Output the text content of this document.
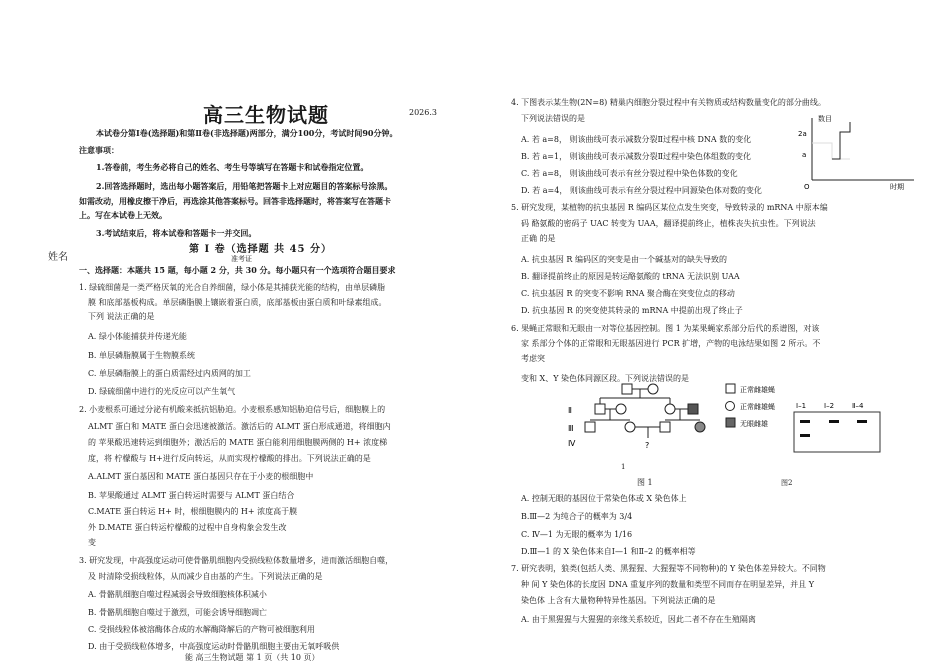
高三生物试题	2026.3
本试卷分第Ⅰ卷(选择题)和第Ⅱ卷(非选择题)两部分，满分100分，考试时间90分钟。
注意事项：
1.答卷前，考生务必将自己的姓名、考生号等填写在答题卡和试卷指定位置。
2.回答选择题时，选出每小题答案后，用铅笔把答题卡上对应题目的答案标号涂黑。
如需改动，用橡皮擦干净后，再选涂其他答案标号。回答非选择题时，将答案写在答题卡
上。写在本试卷上无效。
3.考试结束后，将本试卷和答题卡一并交回。
第 Ⅰ 卷（选择题 共 45 分）
姓名	准考证
一、选择题：本题共 15 题，每小题 2 分，共 30 分。每小题只有一个选项符合题目要求
1. 绿硫细菌是一类严格厌氧的光合自养细菌，绿小体是其捕获光能的结构，由单层磷脂
膜 和底部基板构成。单层磷脂膜上镶嵌着蛋白质，底部基板由蛋白质和叶绿素组成。
下列 说法正确的是
A. 绿小体能捕获并传递光能
B. 单层磷脂膜属于生物膜系统
C. 单层磷脂膜上的蛋白质需经过内质网的加工
D. 绿硫细菌中进行的光反应可以产生氧气
2. 小麦根系可通过分泌有机酸来抵抗铝胁迫。小麦根系感知铝胁迫信号后，细胞膜上的
ALMT 蛋白和 MATE 蛋白会迅速被激活。激活后的 ALMT 蛋白形成通道，将细胞内
的 苹果酸迅速转运到细胞外；激活后的 MATE 蛋白能利用细胞膜两侧的 H+ 浓度梯
度，将 柠檬酸与 H+进行反向转运，从而实现柠檬酸的排出。下列说法正确的是
A.ALMT 蛋白基因和 MATE 蛋白基因只存在于小麦的根细胞中
B. 苹果酸通过 ALMT 蛋白转运时需要与 ALMT 蛋白结合
C.MATE 蛋白转运 H+ 时，根细胞膜内的 H+ 浓度高于膜
外 D.MATE 蛋白转运柠檬酸的过程中自身构象会发生改
变
3. 研究发现，中高强度运动可使骨骼肌细胞内受损线粒体数量增多，进而激活细胞自噬，
及 时清除受损线粒体，从而减少自由基的产生。下列说法正确的是
A. 骨骼肌细胞自噬过程减弱会导致细胞核体积减小
B. 骨骼肌细胞自噬过于激烈，可能会诱导细胞凋亡
C. 受损线粒体被溶酶体合成的水解酶降解后的产物可被细胞利用
D. 由于受损线粒体增多，中高强度运动时骨骼肌细胞主要由无氧呼吸供
能 高三生物试题 第 1 页（共 10 页）
4. 下图表示某生物(2N=8) 精巢内细胞分裂过程中有关物质或结构数量变化的部分曲线。
下列说法错误的是
A. 若 a=8， 则该曲线可表示减数分裂Ⅱ过程中核 DNA 数的变化
B. 若 a=1， 则该曲线可表示减数分裂Ⅱ过程中染色体组数的变化
C. 若 a=8， 则该曲线可表示有丝分裂过程中染色体数的变化
D. 若 a=4， 则该曲线可表示有丝分裂过程中同源染色体对数的变化
数目
2a
a
O	时期
5. 研究发现，某植物的抗虫基因 R 编码区某位点发生突变，导致转录的 mRNA 中原本编
码 酪氨酸的密码子 UAC 转变为 UAA，翻译提前终止，植株丧失抗虫性。下列说法
正确 的是
A. 抗虫基因 R 编码区的突变是由一个碱基对的缺失导致的
B. 翻译提前终止的原因是转运酪氨酸的 tRNA 无法识别 UAA
C. 抗虫基因 R 的突变不影响 RNA 聚合酶在突变位点的移动
D. 抗虫基因 R 的突变使其转录的 mRNA 中提前出现了终止子
6. 果蝇正常眼和无眼由一对等位基因控制。图 1 为某果蝇家系部分后代的系谱图，对该
家 系部分个体的正常眼和无眼基因进行 PCR 扩增，产物的电泳结果如图 2 所示。不
考虑突
变和 X、Y 染色体同源区段。下列说法错误的是
Ⅱ
Ⅲ
Ⅳ	?
正常雌雄蝇
正常雌雄蝇
无眼雌雄
Ⅰ–1	Ⅰ–2	Ⅱ–4
1
图 1	图2
A. 控制无眼的基因位于常染色体或 X 染色体上
B.Ⅲ—2 为纯合子的概率为 3/4
C. Ⅳ—1 为无眼的概率为 1/16
D.Ⅲ—1 的 X 染色体来自Ⅰ—1 和Ⅱ–2 的概率相等
7. 研究表明，狼类(包括人类、黑猩猩、大猩猩等不同物种)的 Y 染色体差异较大。不同物
种 间 Y 染色体的长度因 DNA 重复序列的数量和类型不同而存在明显差异，并且 Y
染色体 上含有大量物种特异性基因。下列说法正确的是
A. 由于黑猩猩与大猩猩的亲缘关系较近，因此二者不存在生殖隔离
